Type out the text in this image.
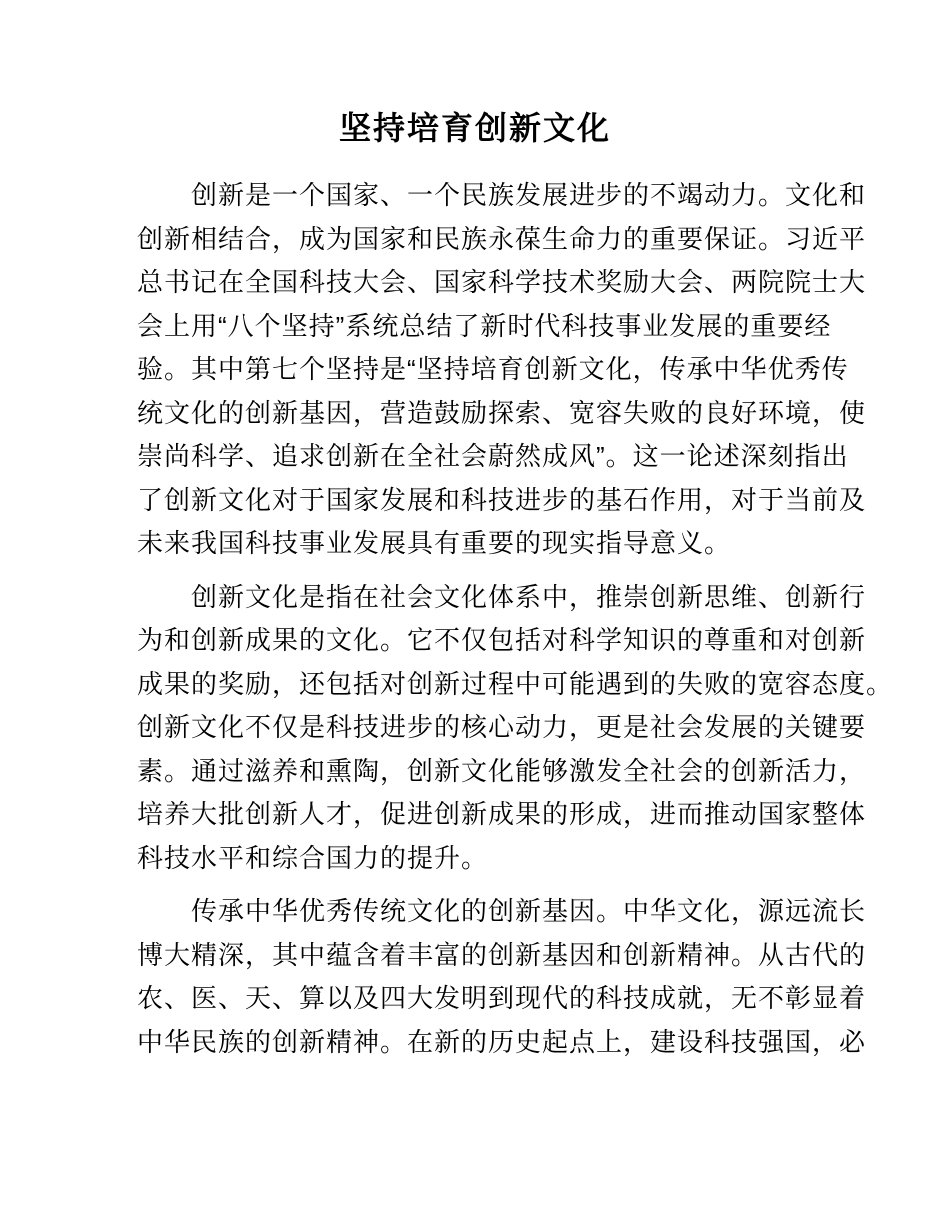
坚持培育创新文化
创新是一个国家、一个民族发展进步的不竭动力。文化和
创新相结合，成为国家和民族永葆生命力的重要保证。习近平
总书记在全国科技大会、国家科学技术奖励大会、两院院士大
会上用“八个坚持”系统总结了新时代科技事业发展的重要经
验。其中第七个坚持是“坚持培育创新文化，传承中华优秀传
统文化的创新基因，营造鼓励探索、宽容失败的良好环境，使
崇尚科学、追求创新在全社会蔚然成风”。这一论述深刻指出
了创新文化对于国家发展和科技进步的基石作用，对于当前及
未来我国科技事业发展具有重要的现实指导意义。
创新文化是指在社会文化体系中，推崇创新思维、创新行
为和创新成果的文化。它不仅包括对科学知识的尊重和对创新
成果的奖励，还包括对创新过程中可能遇到的失败的宽容态度。
创新文化不仅是科技进步的核心动力，更是社会发展的关键要
素。通过滋养和熏陶，创新文化能够激发全社会的创新活力，
培养大批创新人才，促进创新成果的形成，进而推动国家整体
科技水平和综合国力的提升。
传承中华优秀传统文化的创新基因。中华文化，源远流长
博大精深，其中蕴含着丰富的创新基因和创新精神。从古代的
农、医、天、算以及四大发明到现代的科技成就，无不彰显着
中华民族的创新精神。在新的历史起点上，建设科技强国，必
